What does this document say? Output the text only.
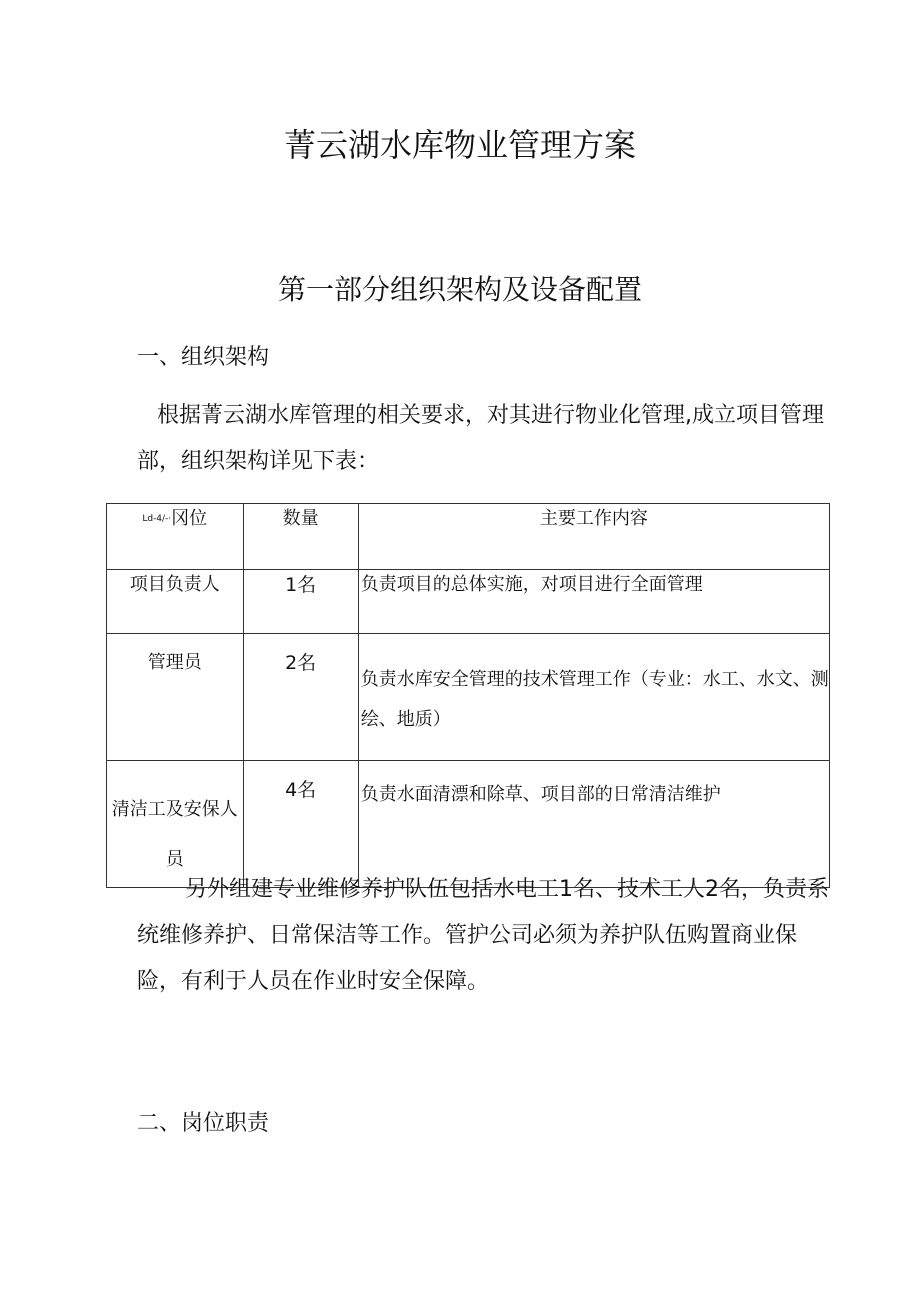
菁云湖水库物业管理方案
第一部分组织架构及设备配置
一、组织架构

根据菁云湖水库管理的相关要求，对其进行物业化管理,成立项目管理部，组织架构详见下表：

Ld-4/-·冈位	数量	主要工作内容
项目负责人	1名	负责项目的总体实施，对项目进行全面管理
管理员	2名	负责水库安全管理的技术管理工作（专业：水工、水文、测绘、地质）

清洁工及安保人员	4名	负责水面清漂和除草、项目部的日常清洁维护

另外组建专业维修养护队伍包括水电工1名、技术工人2名，负责系统维修养护、日常保洁等工作。管护公司必须为养护队伍购置商业保险，有利于人员在作业时安全保障。

二、岗位职责
